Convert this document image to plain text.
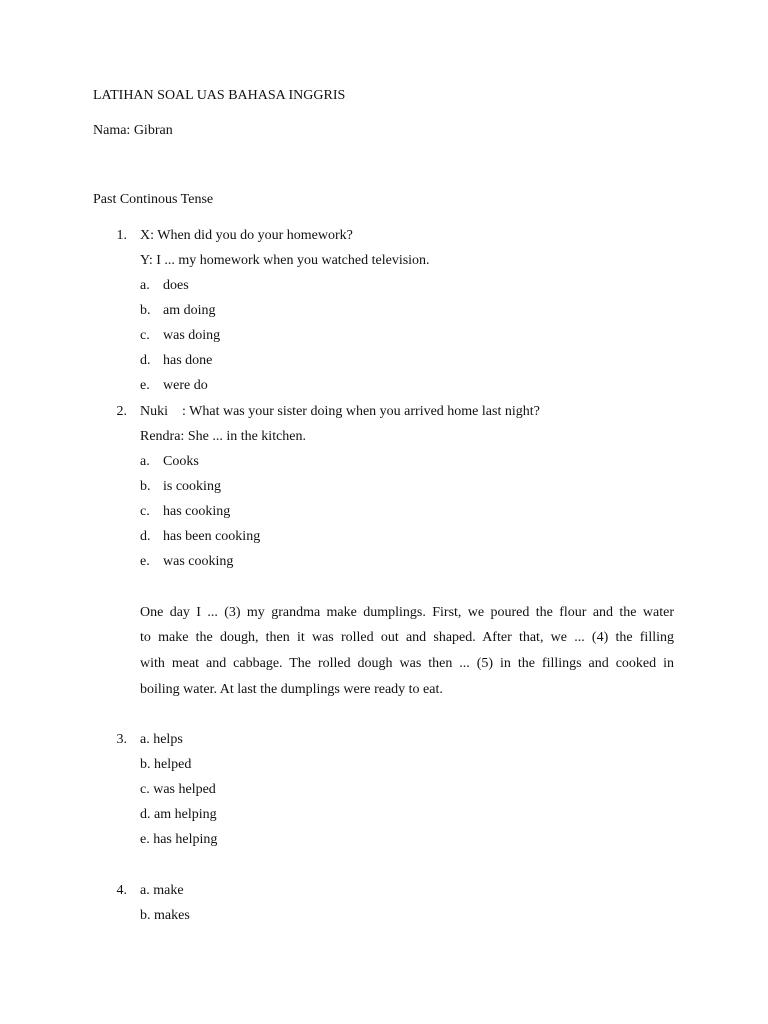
LATIHAN SOAL UAS BAHASA INGGRIS
Nama: Gibran
Past Continous Tense
1. X: When did you do your homework?
Y: I ... my homework when you watched television.
a. does
b. am doing
c. was doing
d. has done
e. were do
2. Nuki    : What was your sister doing when you arrived home last night?
Rendra: She ... in the kitchen.
a. Cooks
b. is cooking
c. has cooking
d. has been cooking
e. was cooking
One day I ... (3) my grandma make dumplings. First, we poured the flour and the water
to make the dough, then it was rolled out and shaped. After that, we ... (4) the filling
with meat and cabbage. The rolled dough was then ... (5) in the fillings and cooked in
boiling water. At last the dumplings were ready to eat.
3. a. helps
b. helped
c. was helped
d. am helping
e. has helping
4. a. make
b. makes
